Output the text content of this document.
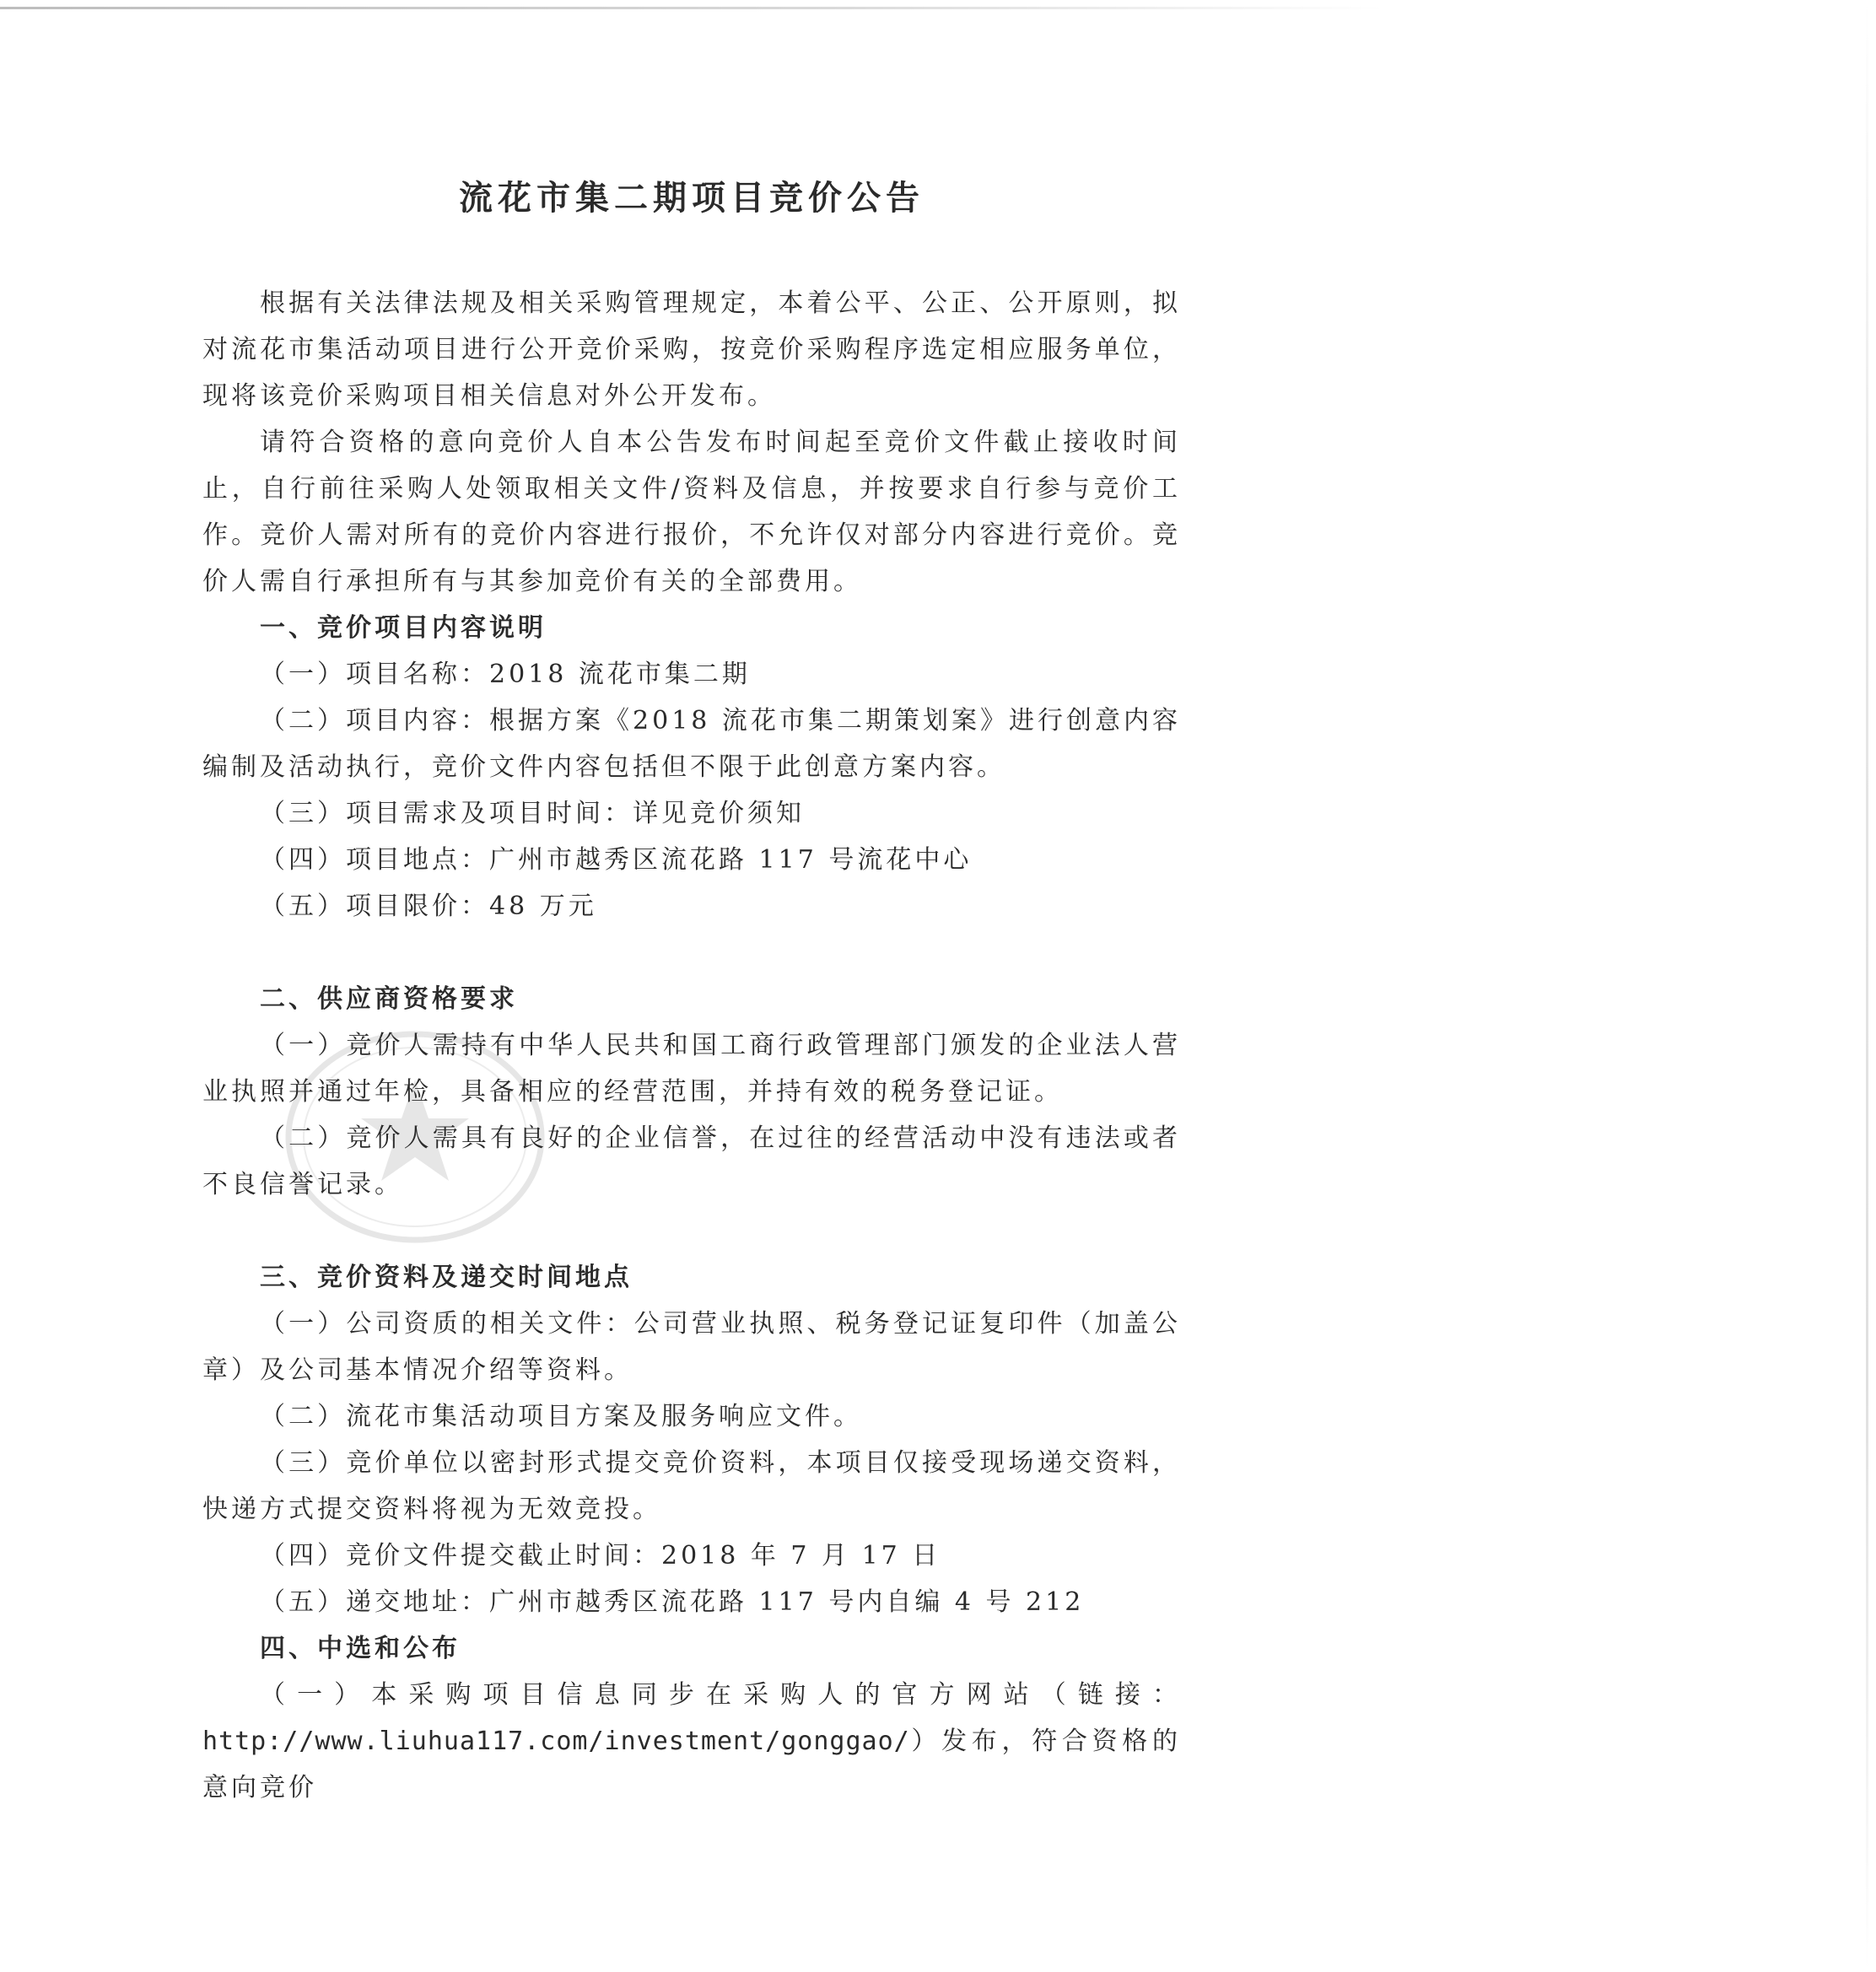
流花市集二期项目竞价公告

根据有关法律法规及相关采购管理规定，本着公平、公正、公开原则，拟对流花市集活动项目进行公开竞价采购，按竞价采购程序选定相应服务单位，现将该竞价采购项目相关信息对外公开发布。

请符合资格的意向竞价人自本公告发布时间起至竞价文件截止接收时间止，自行前往采购人处领取相关文件/资料及信息，并按要求自行参与竞价工作。竞价人需对所有的竞价内容进行报价，不允许仅对部分内容进行竞价。竞价人需自行承担所有与其参加竞价有关的全部费用。

一、竞价项目内容说明

（一）项目名称：2018 流花市集二期

（二）项目内容：根据方案《2018 流花市集二期策划案》进行创意内容编制及活动执行，竞价文件内容包括但不限于此创意方案内容。

（三）项目需求及项目时间：详见竞价须知

（四）项目地点：广州市越秀区流花路 117 号流花中心

（五）项目限价：48 万元

二、供应商资格要求

（一）竞价人需持有中华人民共和国工商行政管理部门颁发的企业法人营业执照并通过年检，具备相应的经营范围，并持有效的税务登记证。

（二）竞价人需具有良好的企业信誉，在过往的经营活动中没有违法或者不良信誉记录。

三、竞价资料及递交时间地点

（一）公司资质的相关文件：公司营业执照、税务登记证复印件（加盖公章）及公司基本情况介绍等资料。

（二）流花市集活动项目方案及服务响应文件。

（三）竞价单位以密封形式提交竞价资料，本项目仅接受现场递交资料，快递方式提交资料将视为无效竞投。

（四）竞价文件提交截止时间：2018 年 7 月 17 日

（五）递交地址：广州市越秀区流花路 117 号内自编 4 号 212

四、中选和公布

（一）本采购项目信息同步在采购人的官方网站（链接：http://www.liuhua117.com/investment/gonggao/）发布，符合资格的意向竞价
